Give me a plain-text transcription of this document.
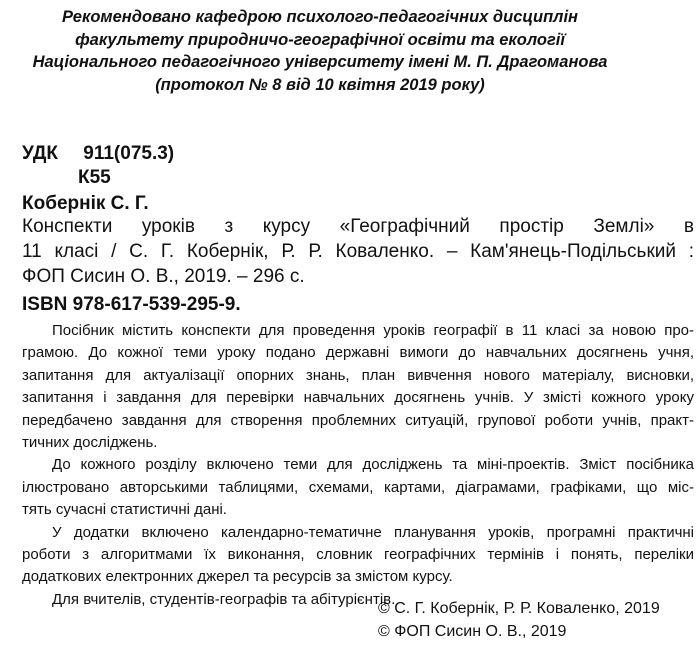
Рекомендовано кафедрою психолого-педагогічних дисциплін
факультету природничо-географічної освіти та екології
Національного педагогічного університету імені М. П. Драгоманова
(протокол № 8 від 10 квітня 2019 року)
УДК 911(075.3)
К55
Кобернік С. Г.
Конспекти уроків з курсу «Географічний простір Землі» в
11 класі / С. Г. Кобернік, Р. Р. Коваленко. – Кам'янець-Подільський :
ФОП Сисин О. В., 2019. – 296 с.
ISBN 978-617-539-295-9.
Посібник містить конспекти для проведення уроків географії в 11 класі за новою про-
грамою. До кожної теми уроку подано державні вимоги до навчальних досягнень учня,
запитання для актуалізації опорних знань, план вивчення нового матеріалу, висновки,
запитання і завдання для перевірки навчальних досягнень учнів. У змісті кожного уроку
передбачено завдання для створення проблемних ситуацій, групової роботи учнів, практ-
тичних досліджень.
До кожного розділу включено теми для досліджень та міні-проектів. Зміст посібника
ілюстровано авторськими таблицями, схемами, картами, діаграмами, графіками, що міс-
тять сучасні статистичні дані.
У додатки включено календарно-тематичне планування уроків, програмні практичні
роботи з алгоритмами їх виконання, словник географічних термінів і понять, переліки
додаткових електронних джерел та ресурсів за змістом курсу.
Для вчителів, студентів-географів та абітурієнтів.
© С. Г. Кобернік, Р. Р. Коваленко, 2019
© ФОП Сисин О. В., 2019
